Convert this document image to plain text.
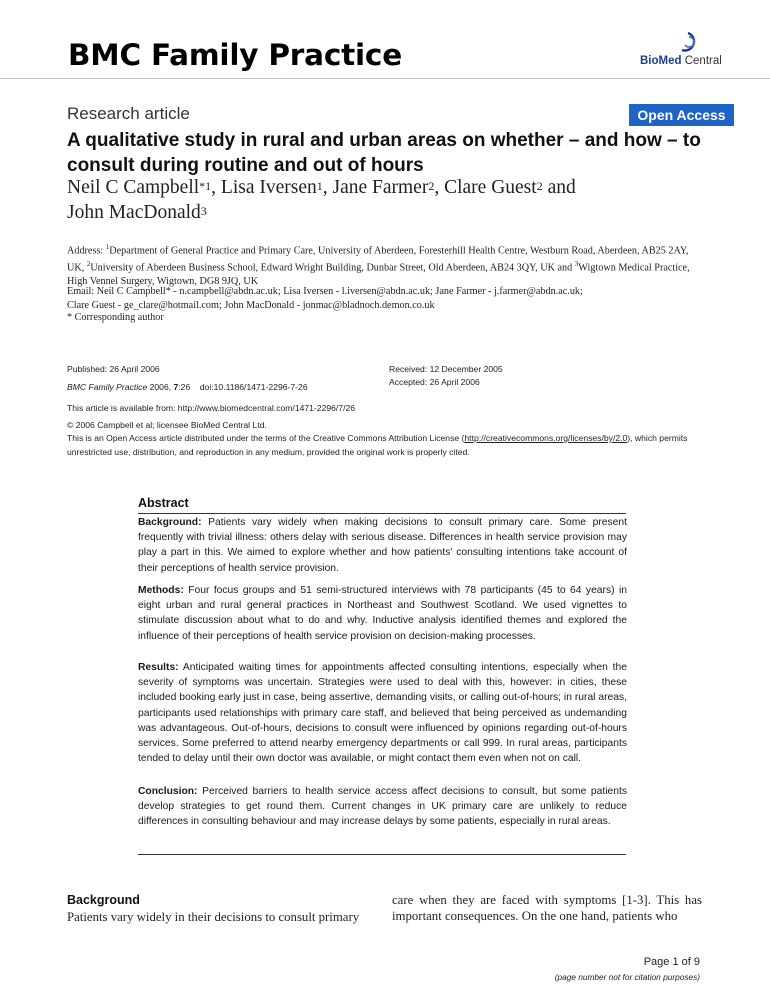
BMC Family Practice	BioMed Central
Research article	Open Access
A qualitative study in rural and urban areas on whether – and how – to consult during routine and out of hours
Neil C Campbell$^{*1}$, Lisa Iversen$^1$, Jane Farmer$^2$, Clare Guest$^2$ and
John MacDonald$^3$
Address: $^1$Department of General Practice and Primary Care, University of Aberdeen, Foresterhill Health Centre, Westburn Road, Aberdeen, AB25 2AY, UK, $^2$University of Aberdeen Business School, Edward Wright Building, Dunbar Street, Old Aberdeen, AB24 3QY, UK and $^3$Wigtown Medical Practice, High Vennel Surgery, Wigtown, DG8 9JQ, UK
Email: Neil C Campbell* - n.campbell@abdn.ac.uk; Lisa Iversen - l.iversen@abdn.ac.uk; Jane Farmer - j.farmer@abdn.ac.uk;
Clare Guest - ge_clare@hotmail.com; John MacDonald - jonmac@bladnoch.demon.co.uk
* Corresponding author
Published: 26 April 2006
BMC Family Practice 2006, 7:26    doi:10.1186/1471-2296-7-26
Received: 12 December 2005
Accepted: 26 April 2006
This article is available from: http://www.biomedcentral.com/1471-2296/7/26
© 2006 Campbell et al; licensee BioMed Central Ltd.
This is an Open Access article distributed under the terms of the Creative Commons Attribution License (http://creativecommons.org/licenses/by/2.0), which permits unrestricted use, distribution, and reproduction in any medium, provided the original work is properly cited.
Abstract
Background: Patients vary widely when making decisions to consult primary care. Some present frequently with trivial illness: others delay with serious disease. Differences in health service provision may play a part in this. We aimed to explore whether and how patients' consulting intentions take account of their perceptions of health service provision.
Methods: Four focus groups and 51 semi-structured interviews with 78 participants (45 to 64 years) in eight urban and rural general practices in Northeast and Southwest Scotland. We used vignettes to stimulate discussion about what to do and why. Inductive analysis identified themes and explored the influence of their perceptions of health service provision on decision-making processes.
Results: Anticipated waiting times for appointments affected consulting intentions, especially when the severity of symptoms was uncertain. Strategies were used to deal with this, however: in cities, these included booking early just in case, being assertive, demanding visits, or calling out-of-hours; in rural areas, participants used relationships with primary care staff, and believed that being perceived as undemanding was advantageous. Out-of-hours, decisions to consult were influenced by opinions regarding out-of-hours services. Some preferred to attend nearby emergency departments or call 999. In rural areas, participants tended to delay until their own doctor was available, or might contact them even when not on call.
Conclusion: Perceived barriers to health service access affect decisions to consult, but some patients develop strategies to get round them. Current changes in UK primary care are unlikely to reduce differences in consulting behaviour and may increase delays by some patients, especially in rural areas.
Background
Patients vary widely in their decisions to consult primary
care when they are faced with symptoms [1-3]. This has important consequences. On the one hand, patients who
Page 1 of 9
(page number not for citation purposes)
